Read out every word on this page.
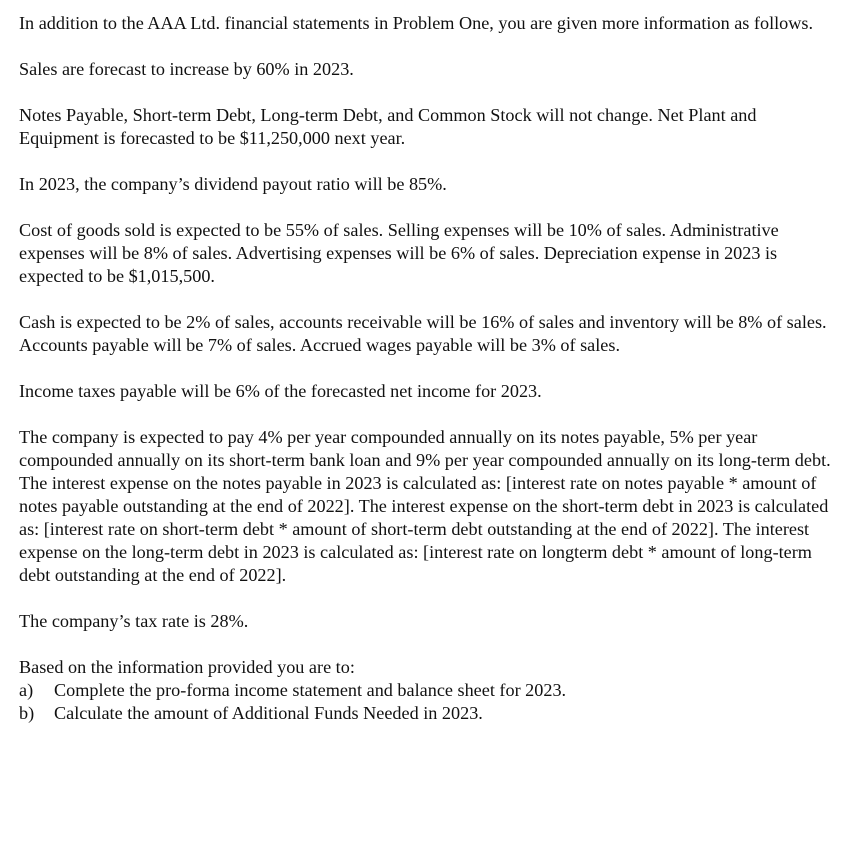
In addition to the AAA Ltd. financial statements in Problem One, you are given more information as follows.

Sales are forecast to increase by 60% in 2023.

Notes Payable, Short-term Debt, Long-term Debt, and Common Stock will not change. Net Plant and Equipment is forecasted to be $11,250,000 next year.

In 2023, the company’s dividend payout ratio will be 85%.

Cost of goods sold is expected to be 55% of sales. Selling expenses will be 10% of sales. Administrative expenses will be 8% of sales. Advertising expenses will be 6% of sales. Depreciation expense in 2023 is expected to be $1,015,500.

Cash is expected to be 2% of sales, accounts receivable will be 16% of sales and inventory will be 8% of sales. Accounts payable will be 7% of sales. Accrued wages payable will be 3% of sales.

Income taxes payable will be 6% of the forecasted net income for 2023.

The company is expected to pay 4% per year compounded annually on its notes payable, 5% per year compounded annually on its short-term bank loan and 9% per year compounded annually on its long-term debt. The interest expense on the notes payable in 2023 is calculated as: [interest rate on notes payable * amount of notes payable outstanding at the end of 2022]. The interest expense on the short-term debt in 2023 is calculated as: [interest rate on short-term debt * amount of short-term debt outstanding at the end of 2022]. The interest expense on the long-term debt in 2023 is calculated as: [interest rate on longterm debt * amount of long-term debt outstanding at the end of 2022].

The company’s tax rate is 28%.

Based on the information provided you are to:

a)	Complete the pro-forma income statement and balance sheet for 2023.
b)	Calculate the amount of Additional Funds Needed in 2023.
